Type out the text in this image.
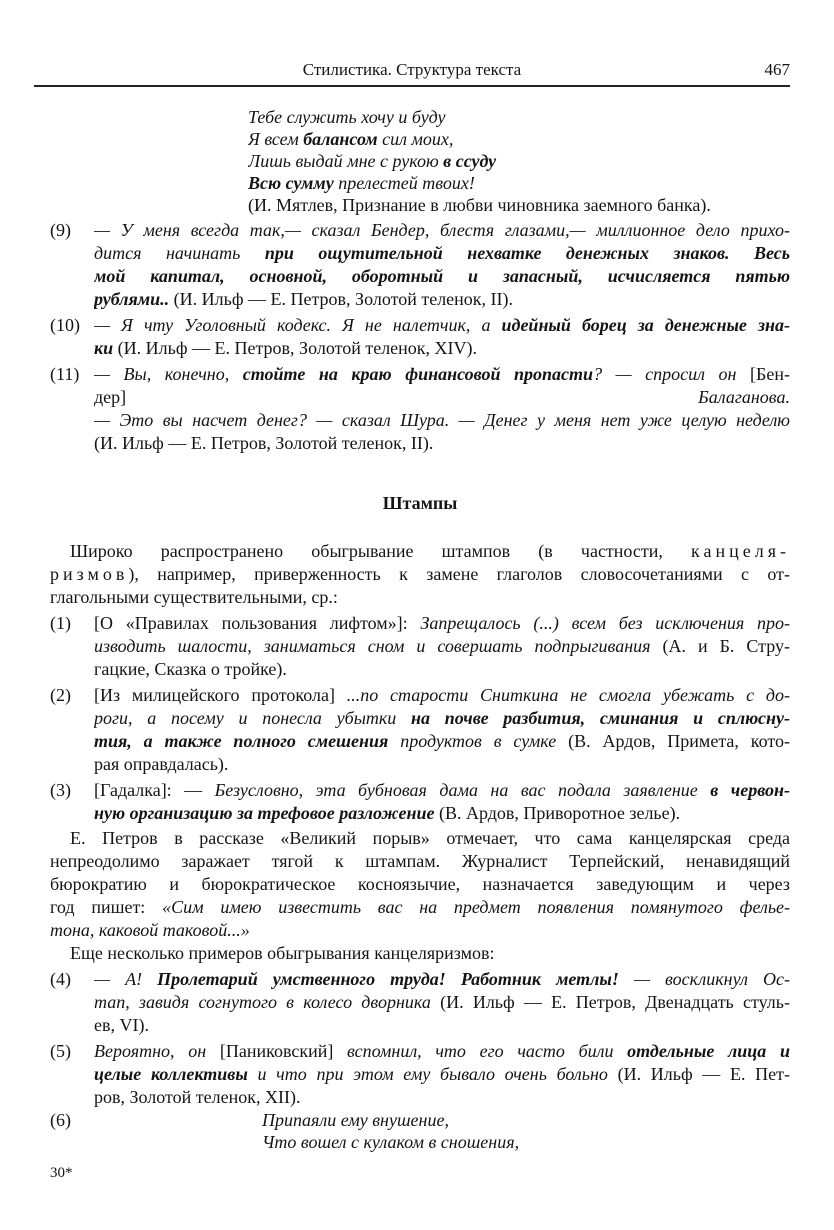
Стилистика. Структура текста	467
Тебе служить хочу и буду
Я всем балансом сил моих,
Лишь выдай мне с рукою в ссуду
Всю сумму прелестей твоих!
(И. Мятлев, Признание в любви чиновника заемного банка).
(9) — У меня всегда так,— сказал Бендер, блестя глазами,— миллионное дело прихо-
дится начинать при ощутительной нехватке денежных знаков. Весь
мой капитал, основной, оборотный и запасный, исчисляется пятью
рублями.. (И. Ильф — Е. Петров, Золотой теленок, II).
(10) — Я чту Уголовный кодекс. Я не налетчик, а идейный борец за денежные зна-
ки (И. Ильф — Е. Петров, Золотой теленок, XIV).
(11) — Вы, конечно, стойте на краю финансовой пропасти? — спросил он [Бен-
дер] Балаганова.
— Это вы насчет денег? — сказал Шура. — Денег у меня нет уже целую неделю
(И. Ильф — Е. Петров, Золотой теленок, II).
Штампы
Широко распространено обыгрывание штампов (в частности, канцеля-
ризмов), например, приверженность к замене глаголов словосочетаниями с от-
глагольными существительными, ср.:
(1) [О «Правилах пользования лифтом»]: Запрещалось (...) всем без исключения про-
изводить шалости, заниматься сном и совершать подпрыгивания (А. и Б. Стру-
гацкие, Сказка о тройке).
(2) [Из милицейского протокола] ...по старости Сниткина не смогла убежать с до-
роги, а посему и понесла убытки на почве разбития, сминания и сплюсну-
тия, а также полного смешения продуктов в сумке (В. Ардов, Примета, кото-
рая оправдалась).
(3) [Гадалка]: — Безусловно, эта бубновая дама на вас подала заявление в червон-
ную организацию за трефовое разложение (В. Ардов, Приворотное зелье).
Е. Петров в рассказе «Великий порыв» отмечает, что сама канцелярская среда
непреодолимо заражает тягой к штампам. Журналист Терпейский, ненавидящий
бюрократию и бюрократическое косноязычие, назначается заведующим и через
год пишет: «Сим имею известить вас на предмет появления помянутого фелье-
тона, каковой таковой...»
Еще несколько примеров обыгрывания канцеляризмов:
(4) — А! Пролетарий умственного труда! Работник метлы! — воскликнул Ос-
тап, завидя согнутого в колесо дворника (И. Ильф — Е. Петров, Двенадцать стуль-
ев, VI).
(5) Вероятно, он [Паниковский] вспомнил, что его часто били отдельные лица и
целые коллективы и что при этом ему бывало очень больно (И. Ильф — Е. Пет-
ров, Золотой теленок, XII).
(6)	Припаяли ему внушение,
Что вошел с кулаком в сношения,
30*
